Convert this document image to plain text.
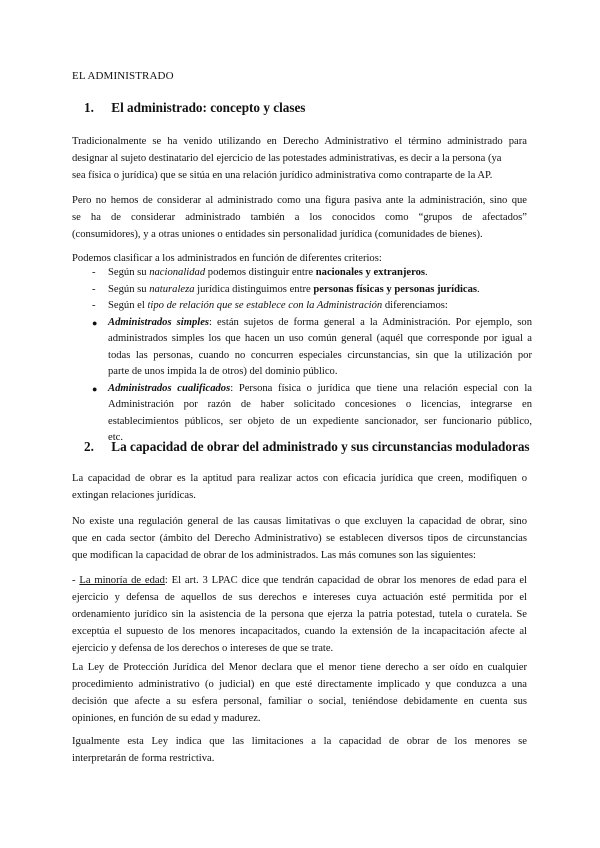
EL ADMINISTRADO
1. El administrado: concepto y clases
Tradicionalmente se ha venido utilizando en Derecho Administrativo el término administrado para
designar al sujeto destinatario del ejercicio de las potestades administrativas, es decir a la persona (ya
sea física o jurídica) que se sitúa en una relación jurídico administrativa como contraparte de la AP.
Pero no hemos de considerar al administrado como una figura pasiva ante la administración, sino que
se ha de considerar administrado también a los conocidos como “grupos de afectados”
(consumidores), y a otras uniones o entidades sin personalidad jurídica (comunidades de bienes).
Podemos clasificar a los administrados en función de diferentes criterios:
- Según su nacionalidad podemos distinguir entre nacionales y extranjeros.
- Según su naturaleza jurídica distinguimos entre personas físicas y personas jurídicas.
- Según el tipo de relación que se establece con la Administración diferenciamos:
● Administrados simples: están sujetos de forma general a la Administración. Por ejemplo, son
administrados simples los que hacen un uso común general (aquél que corresponde por igual a
todas las personas, cuando no concurren especiales circunstancias, sin que la utilización por
parte de unos impida la de otros) del dominio público.
● Administrados cualificados: Persona física o jurídica que tiene una relación especial con la
Administración por razón de haber solicitado concesiones o licencias, integrarse en
establecimientos públicos, ser objeto de un expediente sancionador, ser funcionario público,
etc.
2. La capacidad de obrar del administrado y sus circunstancias moduladoras
La capacidad de obrar es la aptitud para realizar actos con eficacia jurídica que creen, modifiquen o
extingan relaciones jurídicas.
No existe una regulación general de las causas limitativas o que excluyen la capacidad de obrar, sino
que en cada sector (ámbito del Derecho Administrativo) se establecen diversos tipos de circunstancias
que modifican la capacidad de obrar de los administrados. Las más comunes son las siguientes:
- La minoría de edad: El art. 3 LPAC dice que tendrán capacidad de obrar los menores de edad para el
ejercicio y defensa de aquellos de sus derechos e intereses cuya actuación esté permitida por el
ordenamiento jurídico sin la asistencia de la persona que ejerza la patria potestad, tutela o curatela. Se
exceptúa el supuesto de los menores incapacitados, cuando la extensión de la incapacitación afecte al
ejercicio y defensa de los derechos o intereses de que se trate.
La Ley de Protección Jurídica del Menor declara que el menor tiene derecho a ser oído en cualquier
procedimiento administrativo (o judicial) en que esté directamente implicado y que conduzca a una
decisión que afecte a su esfera personal, familiar o social, teniéndose debidamente en cuenta sus
opiniones, en función de su edad y madurez.
Igualmente esta Ley indica que las limitaciones a la capacidad de obrar de los menores se
interpretarán de forma restrictiva.
